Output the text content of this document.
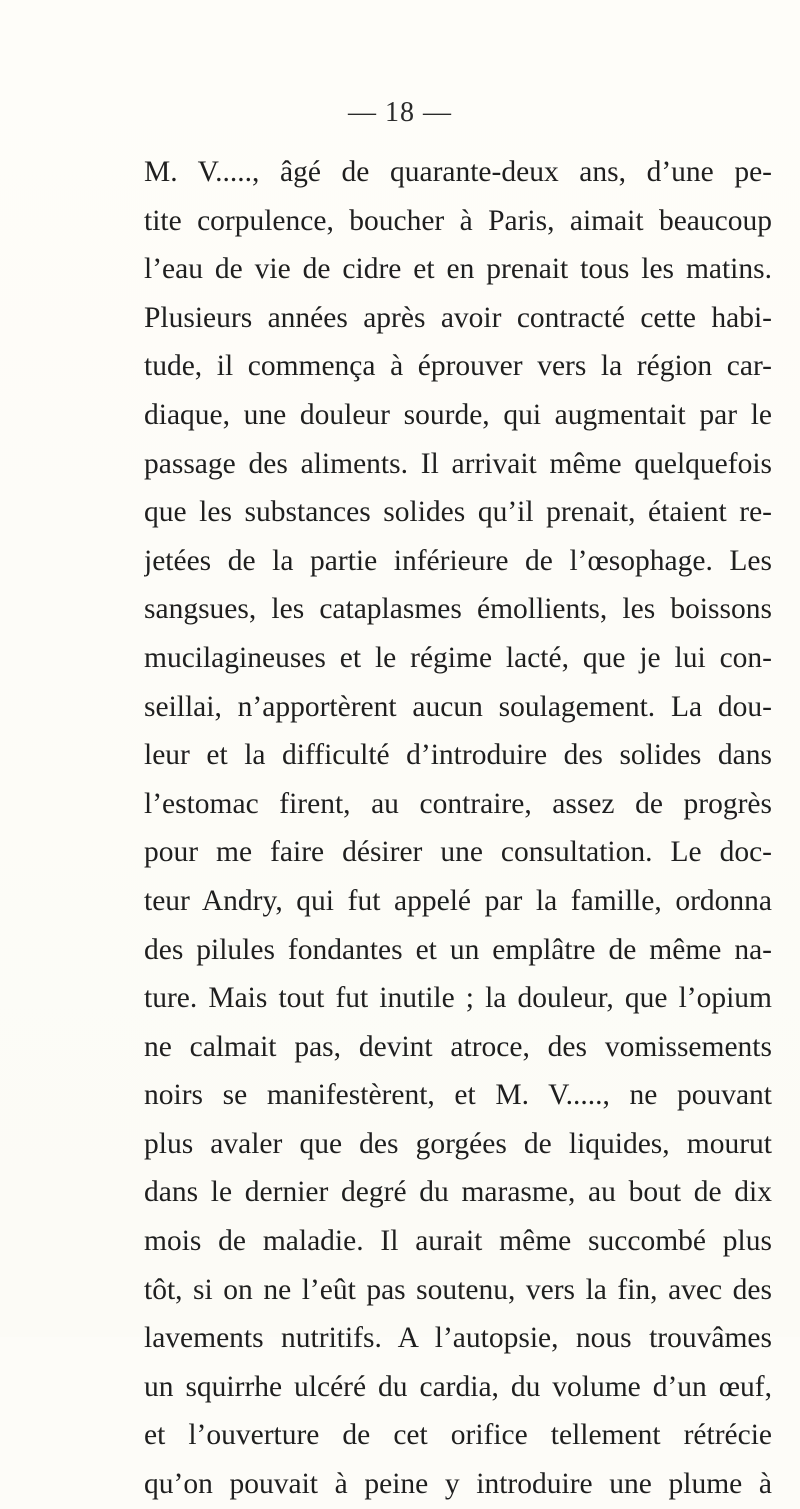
— 18 —
M. V....., âgé de quarante-deux ans, d’une pe-
tite corpulence, boucher à Paris, aimait beaucoup
l’eau de vie de cidre et en prenait tous les matins.
Plusieurs années après avoir contracté cette habi-
tude, il commença à éprouver vers la région car-
diaque, une douleur sourde, qui augmentait par le
passage des aliments. Il arrivait même quelquefois
que les substances solides qu’il prenait, étaient re-
jetées de la partie inférieure de l’œsophage. Les
sangsues, les cataplasmes émollients, les boissons
mucilagineuses et le régime lacté, que je lui con-
seillai, n’apportèrent aucun soulagement. La dou-
leur et la difficulté d’introduire des solides dans
l’estomac firent, au contraire, assez de progrès
pour me faire désirer une consultation. Le doc-
teur Andry, qui fut appelé par la famille, ordonna
des pilules fondantes et un emplâtre de même na-
ture. Mais tout fut inutile ; la douleur, que l’opium
ne calmait pas, devint atroce, des vomissements
noirs se manifestèrent, et M. V....., ne pouvant
plus avaler que des gorgées de liquides, mourut
dans le dernier degré du marasme, au bout de dix
mois de maladie. Il aurait même succombé plus
tôt, si on ne l’eût pas soutenu, vers la fin, avec des
lavements nutritifs. A l’autopsie, nous trouvâmes
un squirrhe ulcéré du cardia, du volume d’un œuf,
et l’ouverture de cet orifice tellement rétrécie
qu’on pouvait à peine y introduire une plume à
